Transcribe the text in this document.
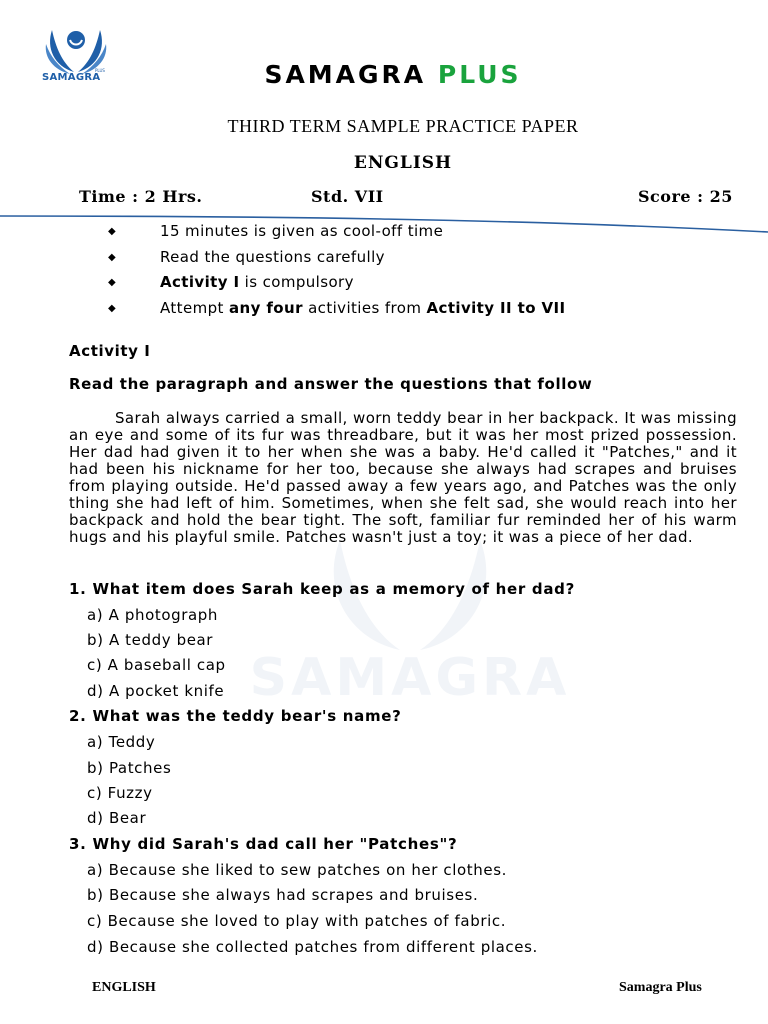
SAMAGRA
PLUS	SAMAGRA PLUS
THIRD TERM SAMPLE PRACTICE PAPER
ENGLISH
Time : 2 Hrs.	Std. VII	Score : 25
SAMAGRA
◆	15 minutes is given as cool-off time
◆	Read the questions carefully
◆	Activity I is compulsory
◆	Attempt any four activities from Activity II to VII
Activity I
Read the paragraph and answer the questions that follow

Sarah always carried a small, worn teddy bear in her backpack. It was missing an eye and some of its fur was threadbare, but it was her most prized possession. Her dad had given it to her when she was a baby. He'd called it "Patches," and it had been his nickname for her too, because she always had scrapes and bruises from playing outside. He'd passed away a few years ago, and Patches was the only thing she had left of him. Sometimes, when she felt sad, she would reach into her backpack and hold the bear tight. The soft, familiar fur reminded her of his warm hugs and his playful smile. Patches wasn't just a toy; it was a piece of her dad.

1. What item does Sarah keep as a memory of her dad?
a) A photograph
b) A teddy bear
c) A baseball cap
d) A pocket knife
2. What was the teddy bear's name?
a) Teddy
b) Patches
c) Fuzzy
d) Bear
3. Why did Sarah's dad call her "Patches"?
a) Because she liked to sew patches on her clothes.
b) Because she always had scrapes and bruises.
c) Because she loved to play with patches of fabric.
d) Because she collected patches from different places.
ENGLISH	Samagra Plus
